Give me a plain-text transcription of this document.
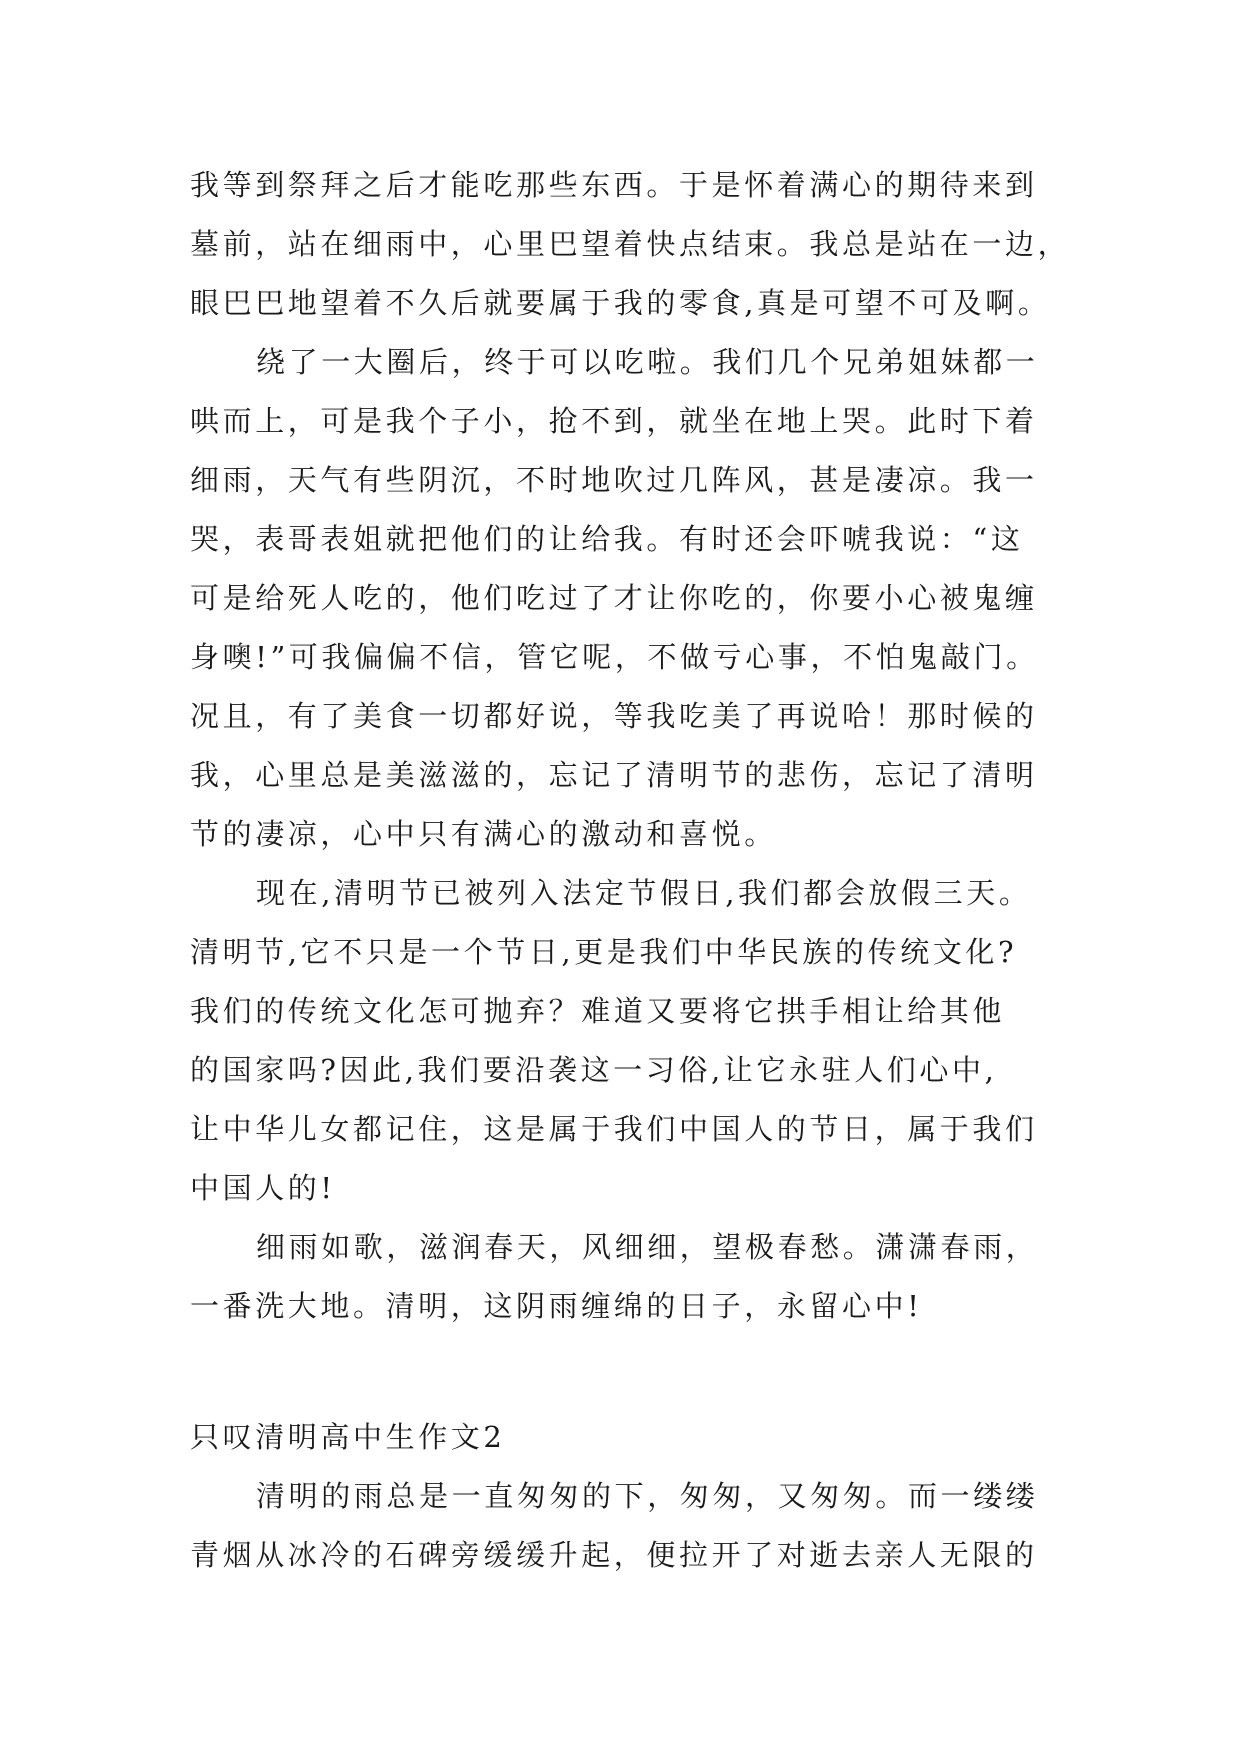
我等到祭拜之后才能吃那些东西。于是怀着满心的期待来到
墓前，站在细雨中，心里巴望着快点结束。我总是站在一边，
眼巴巴地望着不久后就要属于我的零食,真是可望不可及啊。
绕了一大圈后，终于可以吃啦。我们几个兄弟姐妹都一
哄而上，可是我个子小，抢不到，就坐在地上哭。此时下着
细雨，天气有些阴沉，不时地吹过几阵风，甚是凄凉。我一
哭，表哥表姐就把他们的让给我。有时还会吓唬我说：“这
可是给死人吃的，他们吃过了才让你吃的，你要小心被鬼缠
身噢!”可我偏偏不信，管它呢，不做亏心事，不怕鬼敲门。
况且，有了美食一切都好说，等我吃美了再说哈！那时候的
我，心里总是美滋滋的，忘记了清明节的悲伤，忘记了清明
节的凄凉，心中只有满心的激动和喜悦。
现在,清明节已被列入法定节假日,我们都会放假三天。
清明节,它不只是一个节日,更是我们中华民族的传统文化?
我们的传统文化怎可抛弃？难道又要将它拱手相让给其他
的国家吗?因此,我们要沿袭这一习俗,让它永驻人们心中,
让中华儿女都记住，这是属于我们中国人的节日，属于我们
中国人的!
细雨如歌，滋润春天，风细细，望极春愁。潇潇春雨，
一番洗大地。清明，这阴雨缠绵的日子，永留心中!
只叹清明高中生作文2
清明的雨总是一直匆匆的下，匆匆，又匆匆。而一缕缕
青烟从冰冷的石碑旁缓缓升起，便拉开了对逝去亲人无限的
